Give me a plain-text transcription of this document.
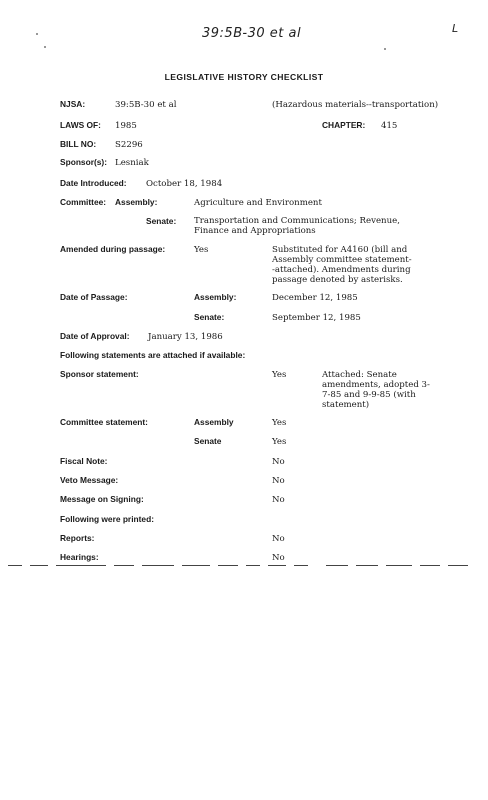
39:5B-30 et al	L
LEGISLATIVE HISTORY CHECKLIST
NJSA:	39:5B-30 et al	(Hazardous materials--transportation)
LAWS OF: 1985	CHAPTER: 415
BILL NO: S2296
Sponsor(s): Lesniak
Date Introduced: October 18, 1984
Committee: Assembly:	Agriculture and Environment
Senate: Transportation and Communications; Revenue, Finance and Appropriations
Amended during passage:	Yes	Substituted for A4160 (bill and Assembly committee statement--attached). Amendments during passage denoted by asterisks.
Date of Passage:	Assembly:	December 12, 1985
Senate:	September 12, 1985
Date of Approval: January 13, 1986
Following statements are attached if available:
Sponsor statement:	Yes	Attached: Senate amendments, adopted 3-7-85 and 9-9-85 (with statement)
Committee statement:	Assembly	Yes
Senate	Yes
Fiscal Note:	No
Veto Message:	No
Message on Signing:	No
Following were printed:
Reports:	No
Hearings:	No
